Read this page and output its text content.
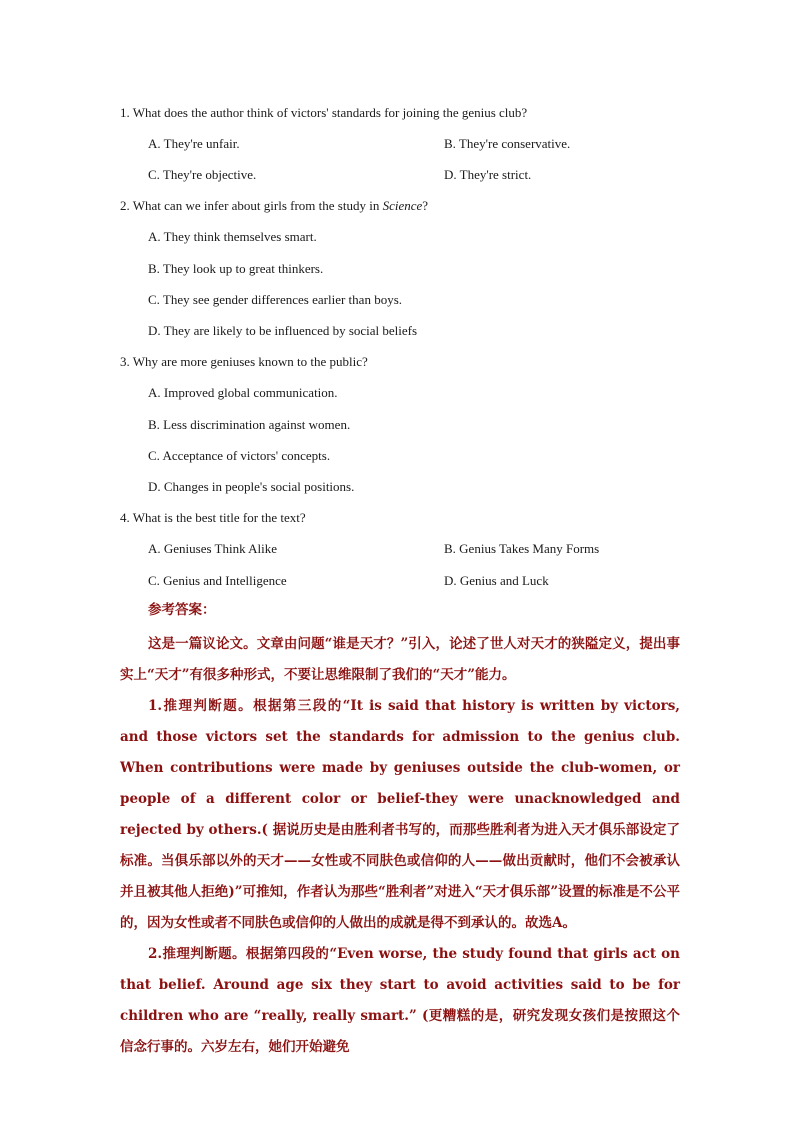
1. What does the author think of victors' standards for joining the genius club?
A. They're unfair.	B. They're conservative.
C. They're objective.	D. They're strict.
2. What can we infer about girls from the study in Science?
A. They think themselves smart.
B. They look up to great thinkers.
C. They see gender differences earlier than boys.
D. They are likely to be influenced by social beliefs
3. Why are more geniuses known to the public?
A. Improved global communication.
B. Less discrimination against women.
C. Acceptance of victors' concepts.
D. Changes in people's social positions.
4. What is the best title for the text?
A. Geniuses Think Alike	B. Genius Takes Many Forms
C. Genius and Intelligence	D. Genius and Luck

参考答案：

这是一篇议论文。文章由问题“谁是天才？”引入，论述了世人对天才的狭隘定义，提出事实上“天才”有很多种形式，不要让思维限制了我们的“天才”能力。

1.推理判断题。根据第三段的“It is said that history is written by victors, and those victors set the standards for admission to the genius club. When contributions were made by geniuses outside the club-women, or people of a different color or belief-they were unacknowledged and rejected by others.( 据说历史是由胜利者书写的，而那些胜利者为进入天才俱乐部设定了标准。当俱乐部以外的天才——女性或不同肤色或信仰的人——做出贡献时，他们不会被承认并且被其他人拒绝)”可推知，作者认为那些“胜利者”对进入“天才俱乐部”设置的标准是不公平的，因为女性或者不同肤色或信仰的人做出的成就是得不到承认的。故选A。

2.推理判断题。根据第四段的“Even worse, the study found that girls act on that belief. Around age six they start to avoid activities said to be for children who are “really, really smart.” (更糟糕的是，研究发现女孩们是按照这个信念行事的。六岁左右，她们开始避免
